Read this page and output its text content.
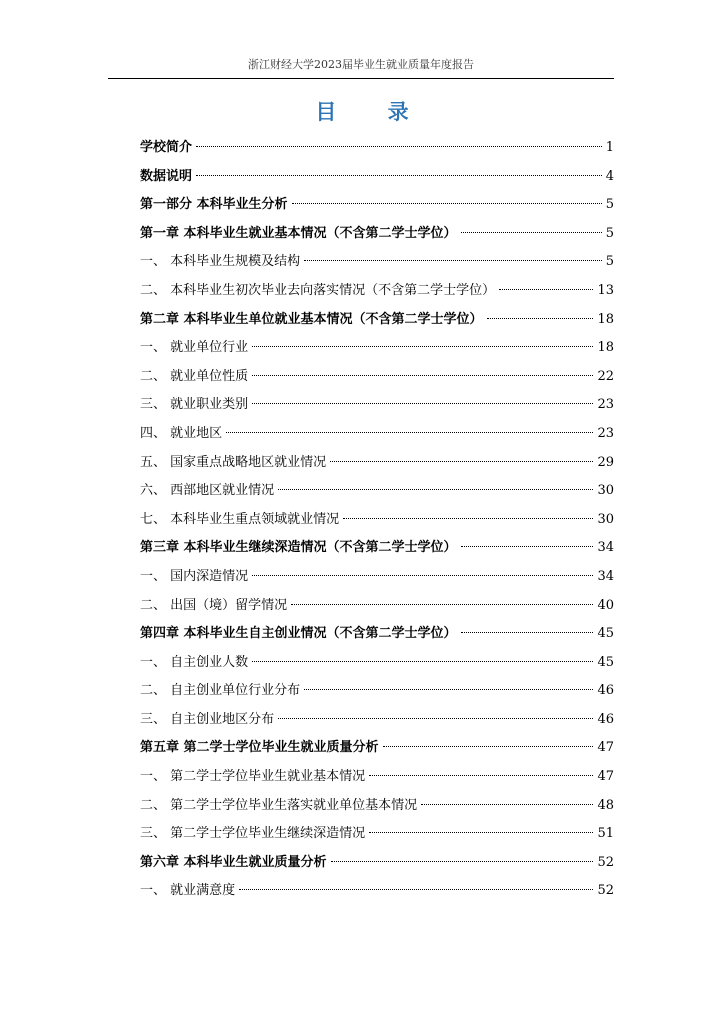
浙江财经大学2023届毕业生就业质量年度报告
目 录
学校简介	1
数据说明	4
第一部分 本科毕业生分析	5
第一章 本科毕业生就业基本情况（不含第二学士学位）	5
一、 本科毕业生规模及结构	5
二、 本科毕业生初次毕业去向落实情况（不含第二学士学位）	13
第二章 本科毕业生单位就业基本情况（不含第二学士学位）	18
一、 就业单位行业	18
二、 就业单位性质	22
三、 就业职业类别	23
四、 就业地区	23
五、 国家重点战略地区就业情况	29
六、 西部地区就业情况	30
七、 本科毕业生重点领域就业情况	30
第三章 本科毕业生继续深造情况（不含第二学士学位）	34
一、 国内深造情况	34
二、 出国（境）留学情况	40
第四章 本科毕业生自主创业情况（不含第二学士学位）	45
一、 自主创业人数	45
二、 自主创业单位行业分布	46
三、 自主创业地区分布	46
第五章 第二学士学位毕业生就业质量分析	47
一、 第二学士学位毕业生就业基本情况	47
二、 第二学士学位毕业生落实就业单位基本情况	48
三、 第二学士学位毕业生继续深造情况	51
第六章 本科毕业生就业质量分析	52
一、 就业满意度	52
